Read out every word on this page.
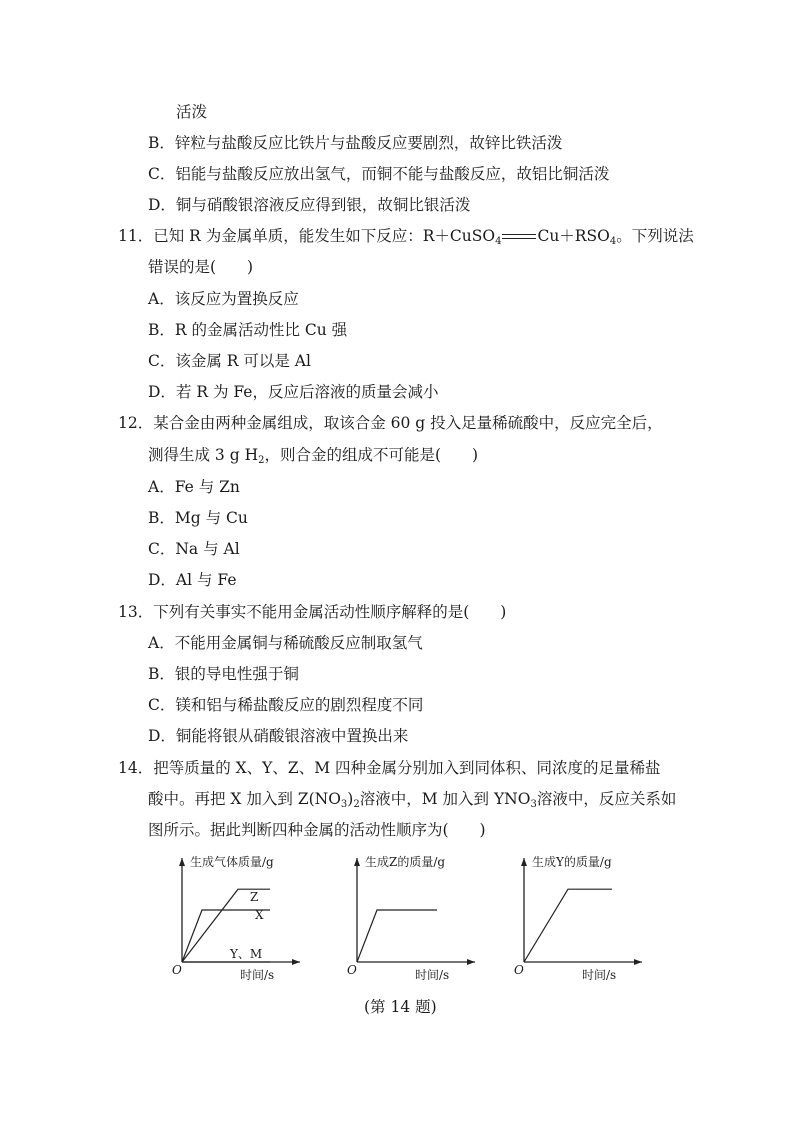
活泼
B．锌粒与盐酸反应比铁片与盐酸反应要剧烈，故锌比铁活泼
C．铝能与盐酸反应放出氢气，而铜不能与盐酸反应，故铝比铜活泼
D．铜与硝酸银溶液反应得到银，故铜比银活泼
11．已知 R 为金属单质，能发生如下反应：R＋CuSO$_4$ $Cu+RSO_4$。下列说法
错误的是(　　)
A．该反应为置换反应
B．R 的金属活动性比 Cu 强
C．该金属 R 可以是 Al
D．若 R 为 Fe，反应后溶液的质量会减小
12．某合金由两种金属组成，取该合金 60 g 投入足量稀硫酸中，反应完全后，
测得生成 3 g $H_2$，则合金的组成不可能是(　　)
A．Fe 与 Zn
B．Mg 与 Cu
C．Na 与 Al
D．Al 与 Fe
13．下列有关事实不能用金属活动性顺序解释的是(　　)
A．不能用金属铜与稀硫酸反应制取氢气
B．银的导电性强于铜
C．镁和铝与稀盐酸反应的剧烈程度不同
D．铜能将银从硝酸银溶液中置换出来
14．把等质量的 X、Y、Z、M 四种金属分别加入到同体积、同浓度的足量稀盐
酸中。再把 X 加入到 $Z(NO_3)_2$溶液中，M 加入到 $YNO_3$溶液中，反应关系如
图所示。据此判断四种金属的活动性顺序为(　　)
生成气体质量/g
时间/s
O
Z
X
Y、M
生成Z的质量/g
时间/s
O
生成Y的质量/g
时间/s
O
(第 14 题)
